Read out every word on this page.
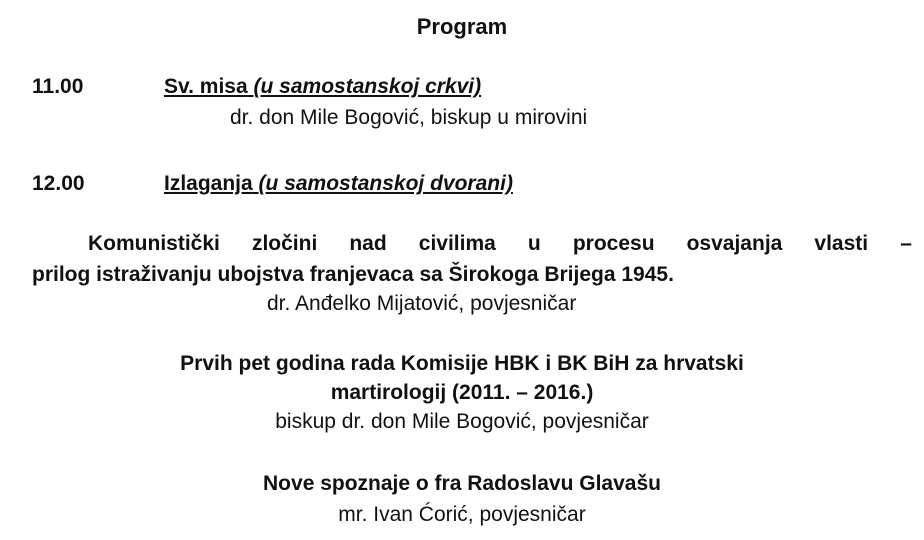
Program
11.00	Sv. misa (u samostanskoj crkvi)
dr. don Mile Bogović, biskup u mirovini
12.00	Izlaganja (u samostanskoj dvorani)
Komunistički zločini nad civilima u procesu osvajanja vlasti –
prilog istraživanju ubojstva franjevaca sa Širokoga Brijega 1945.
dr. Anđelko Mijatović, povjesničar
Prvih pet godina rada Komisije HBK i BK BiH za hrvatski
martirologij (2011. – 2016.)
biskup dr. don Mile Bogović, povjesničar
Nove spoznaje o fra Radoslavu Glavašu
mr. Ivan Ćorić, povjesničar
